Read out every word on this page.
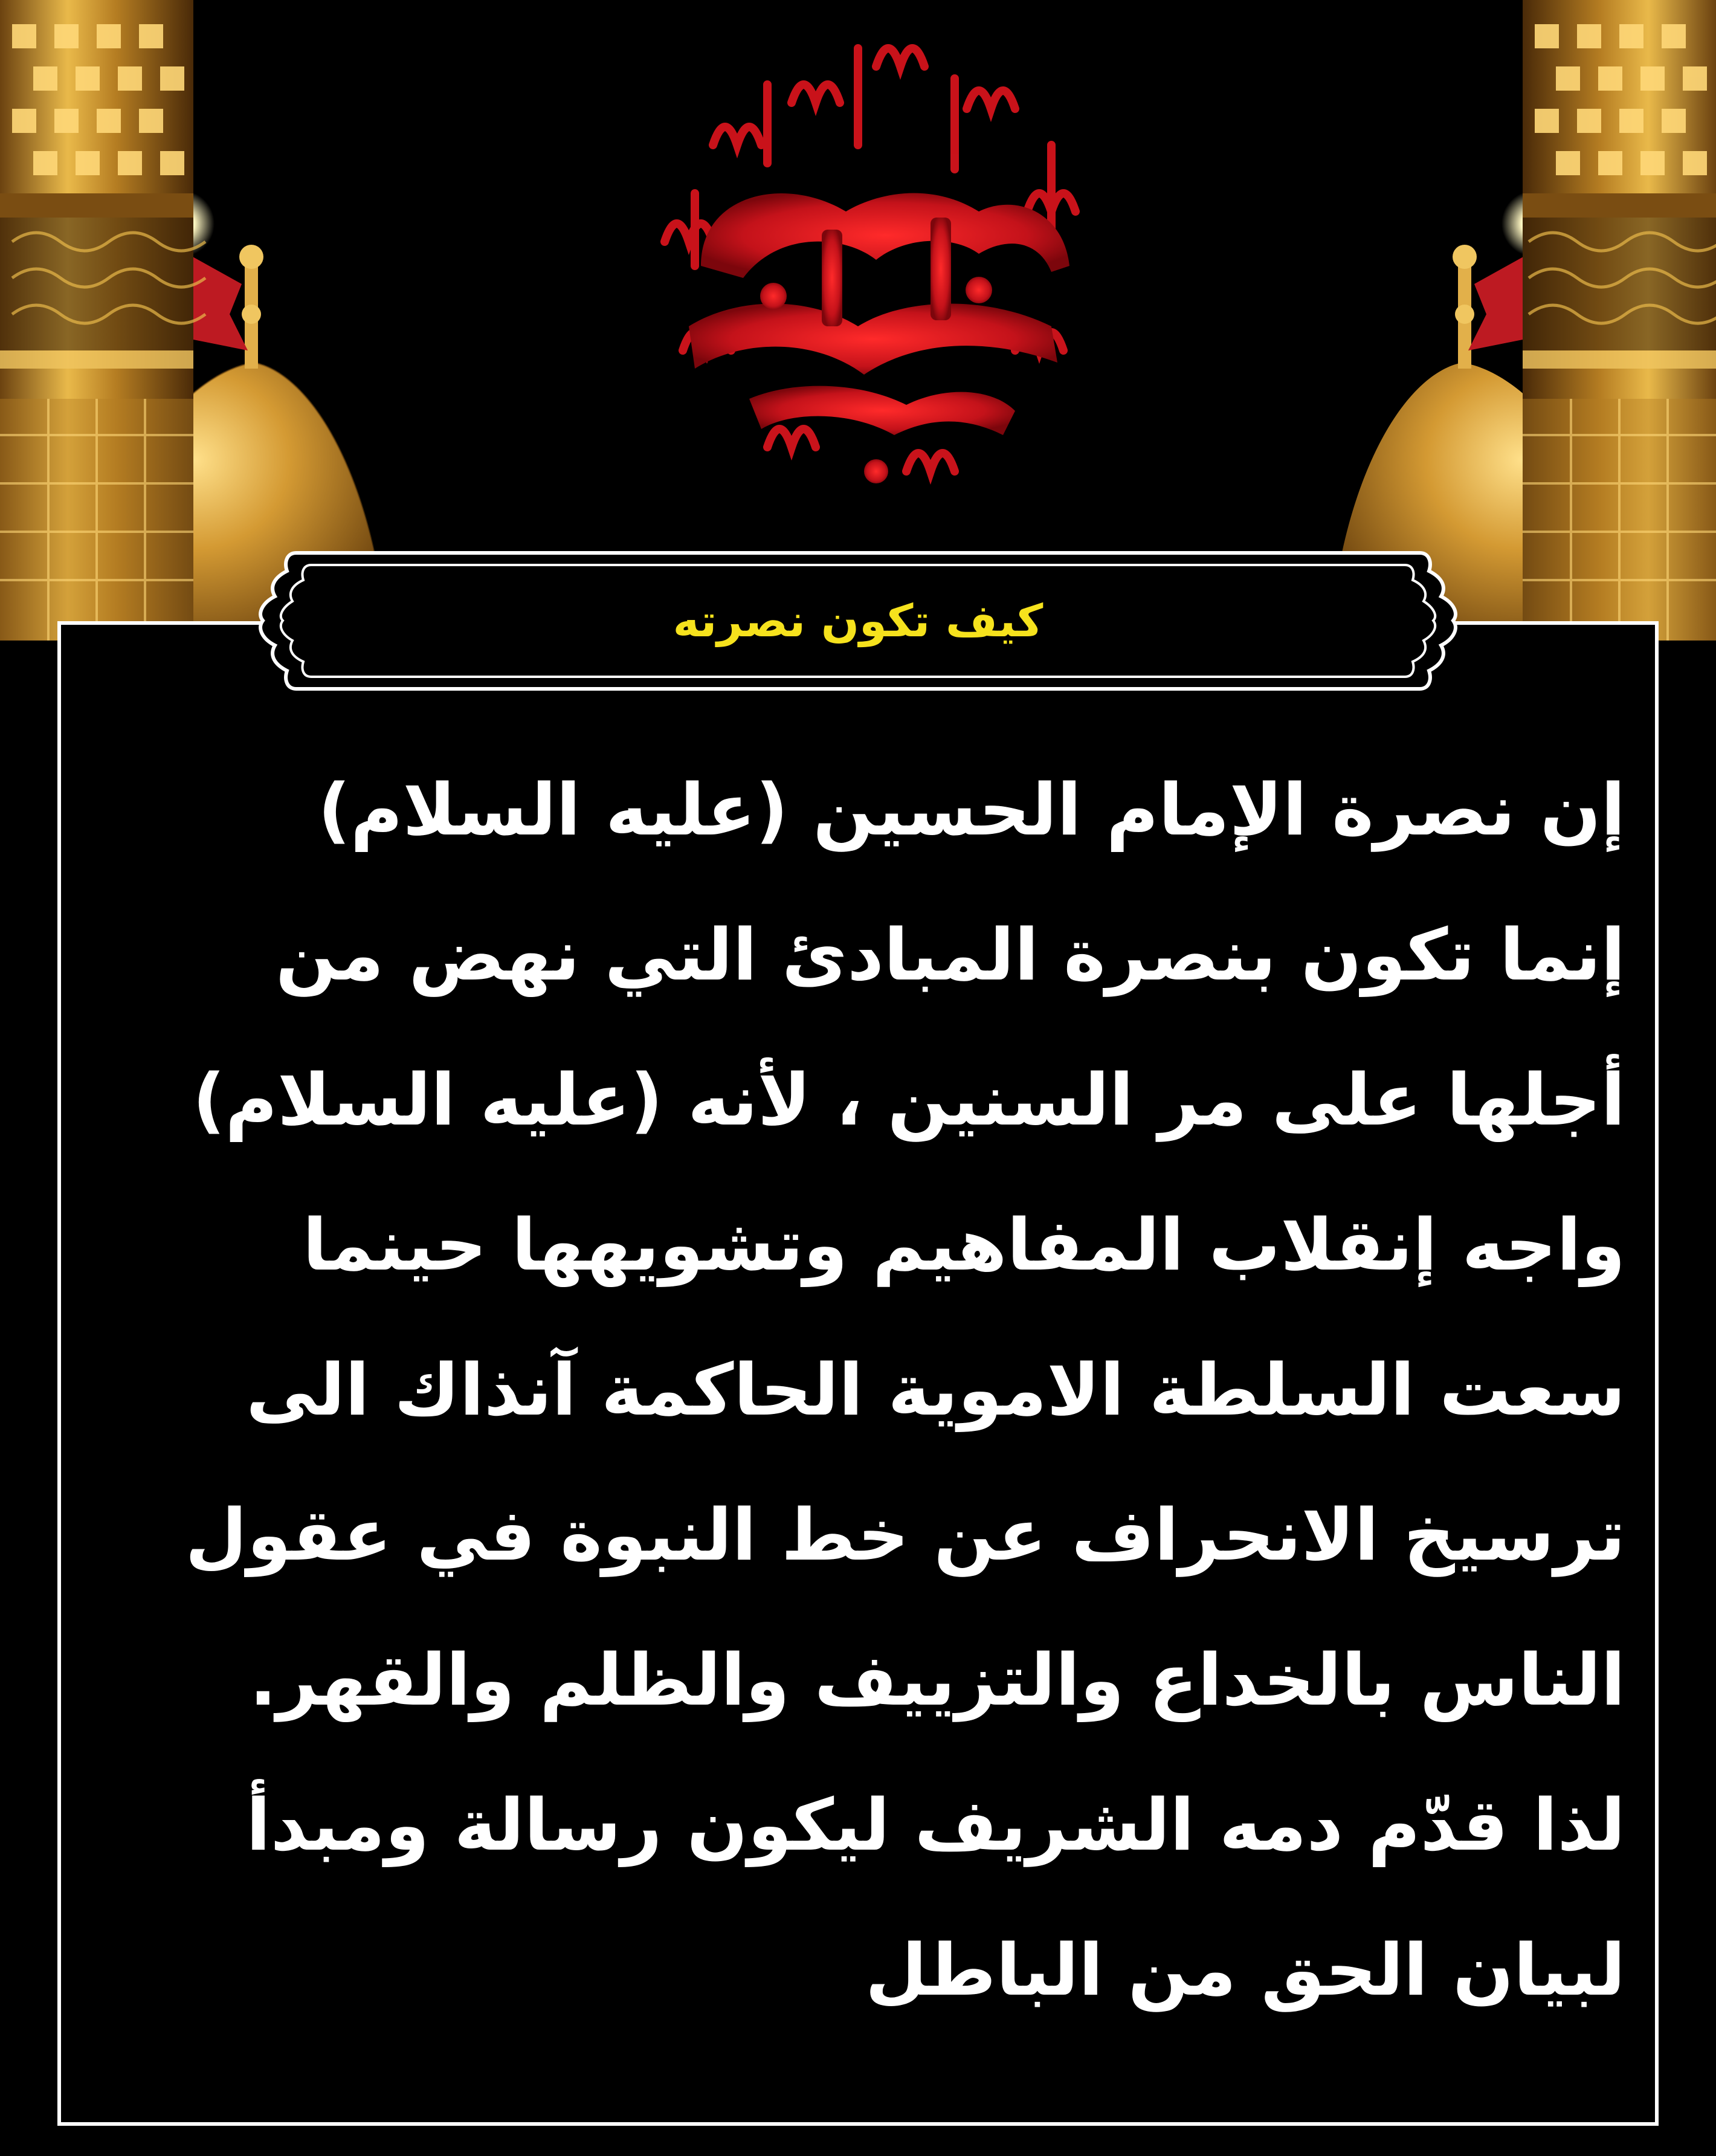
كيف تكون نصرته
إن نصرة الإمام الحسين (عليه السلام)
إنما تكون بنصرة المبادئ التي نهض من
أجلها على مر السنين ، لأنه (عليه السلام)
واجه إنقلاب المفاهيم وتشويهها حينما
سعت السلطة الاموية الحاكمة آنذاك الى
ترسيخ الانحراف عن خط النبوة في عقول
الناس بالخداع والتزييف والظلم والقهر.
لذا قدّم دمه الشريف ليكون رسالة ومبدأ
لبيان الحق من الباطل
